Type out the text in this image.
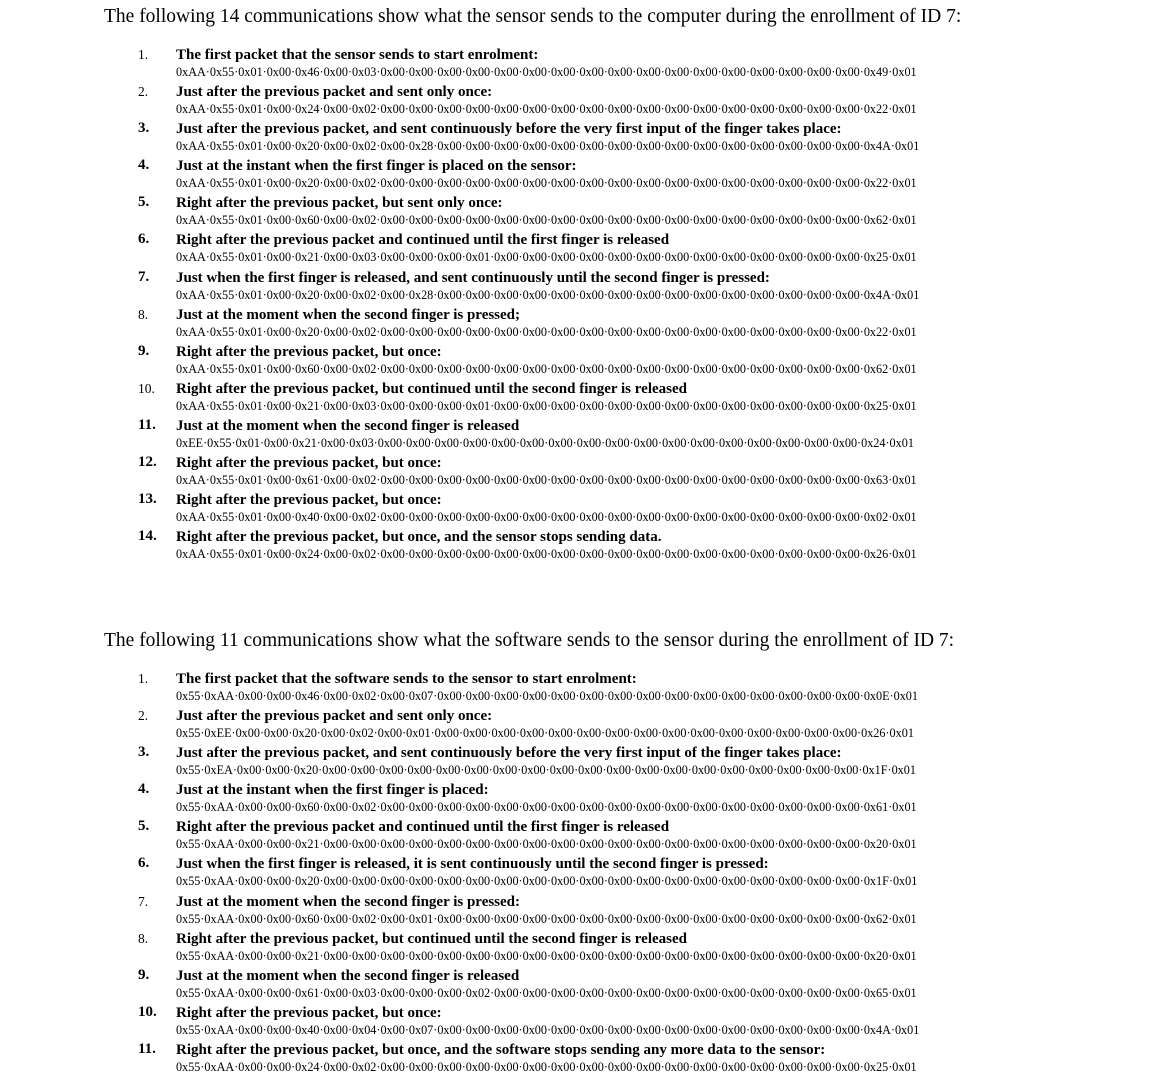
The following 14 communications show what the sensor sends to the computer during the enrollment of ID 7:
1. The first packet that the sensor sends to start enrolment:
0xAA·0x55·0x01·0x00·0x46·0x00·0x03·0x00·0x00·0x00·0x00·0x00·0x00·0x00·0x00·0x00·0x00·0x00·0x00·0x00·0x00·0x00·0x00·0x00·0x49·0x01
2. Just after the previous packet and sent only once:
0xAA·0x55·0x01·0x00·0x24·0x00·0x02·0x00·0x00·0x00·0x00·0x00·0x00·0x00·0x00·0x00·0x00·0x00·0x00·0x00·0x00·0x00·0x00·0x00·0x22·0x01
3. Just after the previous packet, and sent continuously before the very first input of the finger takes place:
0xAA·0x55·0x01·0x00·0x20·0x00·0x02·0x00·0x28·0x00·0x00·0x00·0x00·0x00·0x00·0x00·0x00·0x00·0x00·0x00·0x00·0x00·0x00·0x00·0x4A·0x01
4. Just at the instant when the first finger is placed on the sensor:
0xAA·0x55·0x01·0x00·0x20·0x00·0x02·0x00·0x00·0x00·0x00·0x00·0x00·0x00·0x00·0x00·0x00·0x00·0x00·0x00·0x00·0x00·0x00·0x00·0x22·0x01
5. Right after the previous packet, but sent only once:
0xAA·0x55·0x01·0x00·0x60·0x00·0x02·0x00·0x00·0x00·0x00·0x00·0x00·0x00·0x00·0x00·0x00·0x00·0x00·0x00·0x00·0x00·0x00·0x00·0x62·0x01
6. Right after the previous packet and continued until the first finger is released
0xAA·0x55·0x01·0x00·0x21·0x00·0x03·0x00·0x00·0x00·0x01·0x00·0x00·0x00·0x00·0x00·0x00·0x00·0x00·0x00·0x00·0x00·0x00·0x00·0x25·0x01
7. Just when the first finger is released, and sent continuously until the second finger is pressed:
0xAA·0x55·0x01·0x00·0x20·0x00·0x02·0x00·0x28·0x00·0x00·0x00·0x00·0x00·0x00·0x00·0x00·0x00·0x00·0x00·0x00·0x00·0x00·0x00·0x4A·0x01
8. Just at the moment when the second finger is pressed;
0xAA·0x55·0x01·0x00·0x20·0x00·0x02·0x00·0x00·0x00·0x00·0x00·0x00·0x00·0x00·0x00·0x00·0x00·0x00·0x00·0x00·0x00·0x00·0x00·0x22·0x01
9. Right after the previous packet, but once:
0xAA·0x55·0x01·0x00·0x60·0x00·0x02·0x00·0x00·0x00·0x00·0x00·0x00·0x00·0x00·0x00·0x00·0x00·0x00·0x00·0x00·0x00·0x00·0x00·0x62·0x01
10. Right after the previous packet, but continued until the second finger is released
0xAA·0x55·0x01·0x00·0x21·0x00·0x03·0x00·0x00·0x00·0x01·0x00·0x00·0x00·0x00·0x00·0x00·0x00·0x00·0x00·0x00·0x00·0x00·0x00·0x25·0x01
11. Just at the moment when the second finger is released
0xEE·0x55·0x01·0x00·0x21·0x00·0x03·0x00·0x00·0x00·0x00·0x00·0x00·0x00·0x00·0x00·0x00·0x00·0x00·0x00·0x00·0x00·0x00·0x00·0x24·0x01
12. Right after the previous packet, but once:
0xAA·0x55·0x01·0x00·0x61·0x00·0x02·0x00·0x00·0x00·0x00·0x00·0x00·0x00·0x00·0x00·0x00·0x00·0x00·0x00·0x00·0x00·0x00·0x00·0x63·0x01
13. Right after the previous packet, but once:
0xAA·0x55·0x01·0x00·0x40·0x00·0x02·0x00·0x00·0x00·0x00·0x00·0x00·0x00·0x00·0x00·0x00·0x00·0x00·0x00·0x00·0x00·0x00·0x00·0x02·0x01
14. Right after the previous packet, but once, and the sensor stops sending data.
0xAA·0x55·0x01·0x00·0x24·0x00·0x02·0x00·0x00·0x00·0x00·0x00·0x00·0x00·0x00·0x00·0x00·0x00·0x00·0x00·0x00·0x00·0x00·0x00·0x26·0x01
The following 11 communications show what the software sends to the sensor during the enrollment of ID 7:
1. The first packet that the software sends to the sensor to start enrolment:
0x55·0xAA·0x00·0x00·0x46·0x00·0x02·0x00·0x07·0x00·0x00·0x00·0x00·0x00·0x00·0x00·0x00·0x00·0x00·0x00·0x00·0x00·0x00·0x00·0x0E·0x01
2. Just after the previous packet and sent only once:
0x55·0xEE·0x00·0x00·0x20·0x00·0x02·0x00·0x01·0x00·0x00·0x00·0x00·0x00·0x00·0x00·0x00·0x00·0x00·0x00·0x00·0x00·0x00·0x00·0x26·0x01
3. Just after the previous packet, and sent continuously before the very first input of the finger takes place:
0x55·0xEA·0x00·0x00·0x20·0x00·0x00·0x00·0x00·0x00·0x00·0x00·0x00·0x00·0x00·0x00·0x00·0x00·0x00·0x00·0x00·0x00·0x00·0x00·0x1F·0x01
4. Just at the instant when the first finger is placed:
0x55·0xAA·0x00·0x00·0x60·0x00·0x02·0x00·0x00·0x00·0x00·0x00·0x00·0x00·0x00·0x00·0x00·0x00·0x00·0x00·0x00·0x00·0x00·0x00·0x61·0x01
5. Right after the previous packet and continued until the first finger is released
0x55·0xAA·0x00·0x00·0x21·0x00·0x00·0x00·0x00·0x00·0x00·0x00·0x00·0x00·0x00·0x00·0x00·0x00·0x00·0x00·0x00·0x00·0x00·0x00·0x20·0x01
6. Just when the first finger is released, it is sent continuously until the second finger is pressed:
0x55·0xAA·0x00·0x00·0x20·0x00·0x00·0x00·0x00·0x00·0x00·0x00·0x00·0x00·0x00·0x00·0x00·0x00·0x00·0x00·0x00·0x00·0x00·0x00·0x1F·0x01
7. Just at the moment when the second finger is pressed:
0x55·0xAA·0x00·0x00·0x60·0x00·0x02·0x00·0x01·0x00·0x00·0x00·0x00·0x00·0x00·0x00·0x00·0x00·0x00·0x00·0x00·0x00·0x00·0x00·0x62·0x01
8. Right after the previous packet, but continued until the second finger is released
0x55·0xAA·0x00·0x00·0x21·0x00·0x00·0x00·0x00·0x00·0x00·0x00·0x00·0x00·0x00·0x00·0x00·0x00·0x00·0x00·0x00·0x00·0x00·0x00·0x20·0x01
9. Just at the moment when the second finger is released
0x55·0xAA·0x00·0x00·0x61·0x00·0x03·0x00·0x00·0x00·0x02·0x00·0x00·0x00·0x00·0x00·0x00·0x00·0x00·0x00·0x00·0x00·0x00·0x00·0x65·0x01
10. Right after the previous packet, but once:
0x55·0xAA·0x00·0x00·0x40·0x00·0x04·0x00·0x07·0x00·0x00·0x00·0x00·0x00·0x00·0x00·0x00·0x00·0x00·0x00·0x00·0x00·0x00·0x00·0x4A·0x01
11. Right after the previous packet, but once, and the software stops sending any more data to the sensor:
0x55·0xAA·0x00·0x00·0x24·0x00·0x02·0x00·0x00·0x00·0x00·0x00·0x00·0x00·0x00·0x00·0x00·0x00·0x00·0x00·0x00·0x00·0x00·0x00·0x25·0x01
